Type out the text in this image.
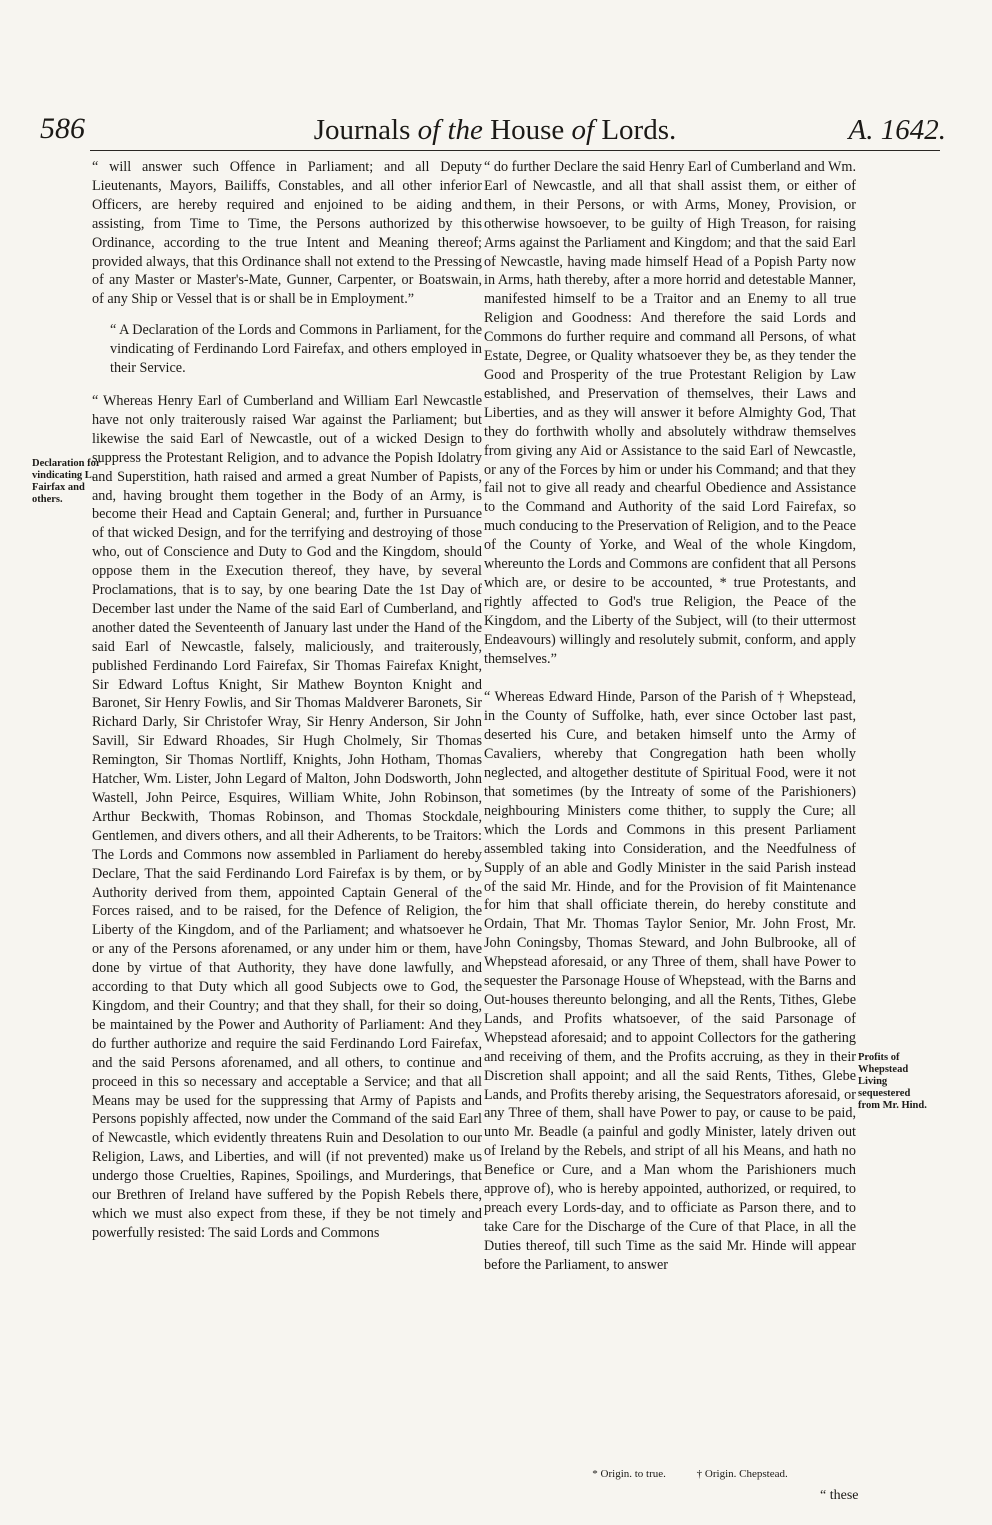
586	Journals of the House of Lords.	A. 1642.
Declaration for vindicating L. Fairfax and others.
Profits of Whepstead Living sequestered from Mr. Hind.

“ will answer such Offence in Parliament; and all Deputy Lieutenants, Mayors, Bailiffs, Constables, and all other inferior Officers, are hereby required and enjoined to be aiding and assisting, from Time to Time, the Persons authorized by this Ordinance, according to the true Intent and Meaning thereof; provided always, that this Ordinance shall not extend to the Pressing of any Master or Master's-Mate, Gunner, Carpenter, or Boatswain, of any Ship or Vessel that is or shall be in Employment.”

“ A Declaration of the Lords and Commons in Parliament, for the vindicating of Ferdinando Lord Fairefax, and others employed in their Service.

“ Whereas Henry Earl of Cumberland and William Earl Newcastle have not only traiterously raised War against the Parliament; but likewise the said Earl of Newcastle, out of a wicked Design to suppress the Protestant Religion, and to advance the Popish Idolatry and Superstition, hath raised and armed a great Number of Papists, and, having brought them together in the Body of an Army, is become their Head and Captain General; and, further in Pursuance of that wicked Design, and for the terrifying and destroying of those who, out of Conscience and Duty to God and the Kingdom, should oppose them in the Execution thereof, they have, by several Proclamations, that is to say, by one bearing Date the 1st Day of December last under the Name of the said Earl of Cumberland, and another dated the Seventeenth of January last under the Hand of the said Earl of Newcastle, falsely, maliciously, and traiterously, published Ferdinando Lord Fairefax, Sir Thomas Fairefax Knight, Sir Edward Loftus Knight, Sir Mathew Boynton Knight and Baronet, Sir Henry Fowlis, and Sir Thomas Maldverer Baronets, Sir Richard Darly, Sir Christofer Wray, Sir Henry Anderson, Sir John Savill, Sir Edward Rhoades, Sir Hugh Cholmely, Sir Thomas Remington, Sir Thomas Nortliff, Knights, John Hotham, Thomas Hatcher, Wm. Lister, John Legard of Malton, John Dodsworth, John Wastell, John Peirce, Esquires, William White, John Robinson, Arthur Beckwith, Thomas Robinson, and Thomas Stockdale, Gentlemen, and divers others, and all their Adherents, to be Traitors: The Lords and Commons now assembled in Parliament do hereby Declare, That the said Ferdinando Lord Fairefax is by them, or by Authority derived from them, appointed Captain General of the Forces raised, and to be raised, for the Defence of Religion, the Liberty of the Kingdom, and of the Parliament; and whatsoever he or any of the Persons aforenamed, or any under him or them, have done by virtue of that Authority, they have done lawfully, and according to that Duty which all good Subjects owe to God, the Kingdom, and their Country; and that they shall, for their so doing, be maintained by the Power and Authority of Parliament: And they do further authorize and require the said Ferdinando Lord Fairefax, and the said Persons aforenamed, and all others, to continue and proceed in this so necessary and acceptable a Service; and that all Means may be used for the suppressing that Army of Papists and Persons popishly affected, now under the Command of the said Earl of Newcastle, which evidently threatens Ruin and Desolation to our Religion, Laws, and Liberties, and will (if not prevented) make us undergo those Cruelties, Rapines, Spoilings, and Murderings, that our Brethren of Ireland have suffered by the Popish Rebels there, which we must also expect from these, if they be not timely and powerfully resisted: The said Lords and Commons

“ do further Declare the said Henry Earl of Cumberland and Wm. Earl of Newcastle, and all that shall assist them, or either of them, in their Persons, or with Arms, Money, Provision, or otherwise howsoever, to be guilty of High Treason, for raising Arms against the Parliament and Kingdom; and that the said Earl of Newcastle, having made himself Head of a Popish Party now in Arms, hath thereby, after a more horrid and detestable Manner, manifested himself to be a Traitor and an Enemy to all true Religion and Goodness: And therefore the said Lords and Commons do further require and command all Persons, of what Estate, Degree, or Quality whatsoever they be, as they tender the Good and Prosperity of the true Protestant Religion by Law established, and Preservation of themselves, their Laws and Liberties, and as they will answer it before Almighty God, That they do forthwith wholly and absolutely withdraw themselves from giving any Aid or Assistance to the said Earl of Newcastle, or any of the Forces by him or under his Command; and that they fail not to give all ready and chearful Obedience and Assistance to the Command and Authority of the said Lord Fairefax, so much conducing to the Preservation of Religion, and to the Peace of the County of Yorke, and Weal of the whole Kingdom, whereunto the Lords and Commons are confident that all Persons which are, or desire to be accounted, * true Protestants, and rightly affected to God's true Religion, the Peace of the Kingdom, and the Liberty of the Subject, will (to their uttermost Endeavours) willingly and resolutely submit, conform, and apply themselves.”

“ Whereas Edward Hinde, Parson of the Parish of † Whepstead, in the County of Suffolke, hath, ever since October last past, deserted his Cure, and betaken himself unto the Army of Cavaliers, whereby that Congregation hath been wholly neglected, and altogether destitute of Spiritual Food, were it not that sometimes (by the Intreaty of some of the Parishioners) neighbouring Ministers come thither, to supply the Cure; all which the Lords and Commons in this present Parliament assembled taking into Consideration, and the Needfulness of Supply of an able and Godly Minister in the said Parish instead of the said Mr. Hinde, and for the Provision of fit Maintenance for him that shall officiate therein, do hereby constitute and Ordain, That Mr. Thomas Taylor Senior, Mr. John Frost, Mr. John Coningsby, Thomas Steward, and John Bulbrooke, all of Whepstead aforesaid, or any Three of them, shall have Power to sequester the Parsonage House of Whepstead, with the Barns and Out-houses thereunto belonging, and all the Rents, Tithes, Glebe Lands, and Profits whatsoever, of the said Parsonage of Whepstead aforesaid; and to appoint Collectors for the gathering and receiving of them, and the Profits accruing, as they in their Discretion shall appoint; and all the said Rents, Tithes, Glebe Lands, and Profits thereby arising, the Sequestrators aforesaid, or any Three of them, shall have Power to pay, or cause to be paid, unto Mr. Beadle (a painful and godly Minister, lately driven out of Ireland by the Rebels, and stript of all his Means, and hath no Benefice or Cure, and a Man whom the Parishioners much approve of), who is hereby appointed, authorized, or required, to preach every Lords-day, and to officiate as Parson there, and to take Care for the Discharge of the Cure of that Place, in all the Duties thereof, till such Time as the said Mr. Hinde will appear before the Parliament, to answer

* Origin. to true.	† Origin. Chepstead.
“ these
